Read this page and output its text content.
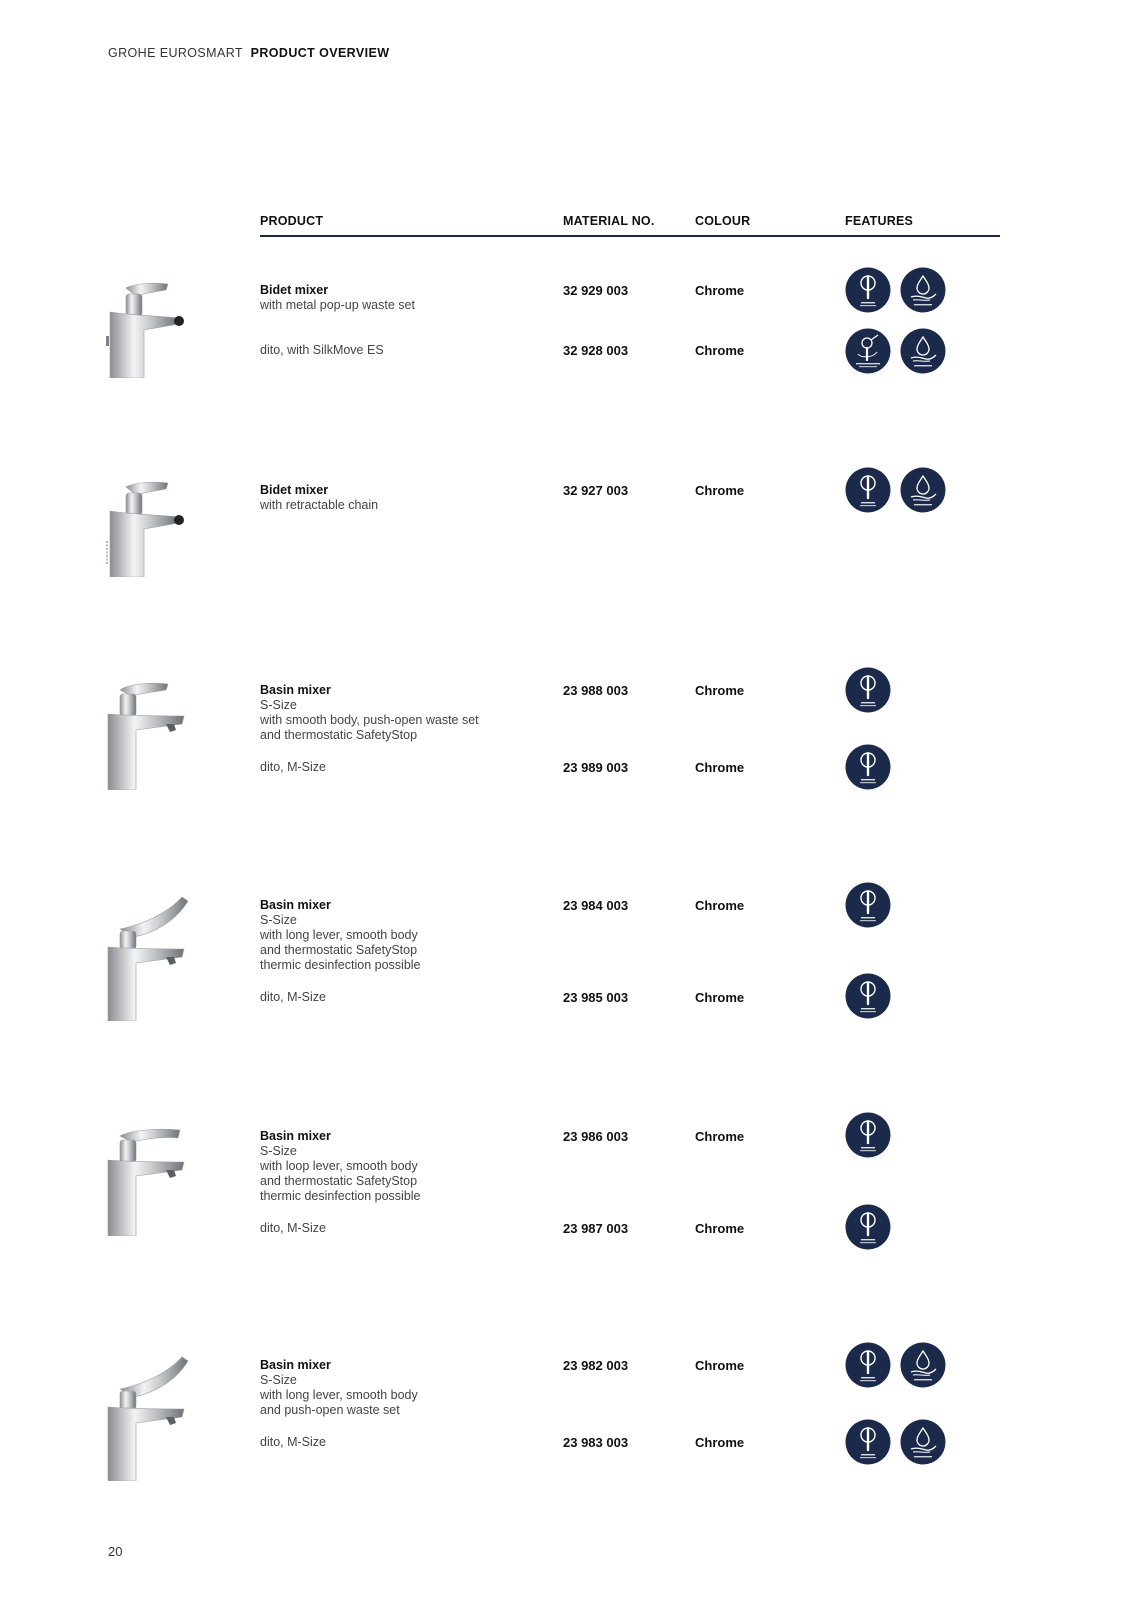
GROHE EUROSMART PRODUCT OVERVIEW
PRODUCT	MATERIAL NO.	COLOUR	FEATURES
Bidet mixer
with metal pop-up waste set
32 929 003	Chrome
dito, with SilkMove ES	32 928 003	Chrome
Bidet mixer
with retractable chain
32 927 003	Chrome
Basin mixer
S-Size
with smooth body, push-open waste set
and thermostatic SafetyStop
23 988 003	Chrome
dito, M-Size	23 989 003	Chrome
Basin mixer
S-Size
with long lever, smooth body
and thermostatic SafetyStop
thermic desinfection possible
23 984 003	Chrome
dito, M-Size	23 985 003	Chrome
Basin mixer
S-Size
with loop lever, smooth body
and thermostatic SafetyStop
thermic desinfection possible
23 986 003	Chrome
dito, M-Size	23 987 003	Chrome
Basin mixer
S-Size
with long lever, smooth body
and push-open waste set
23 982 003	Chrome
dito, M-Size	23 983 003	Chrome
20
